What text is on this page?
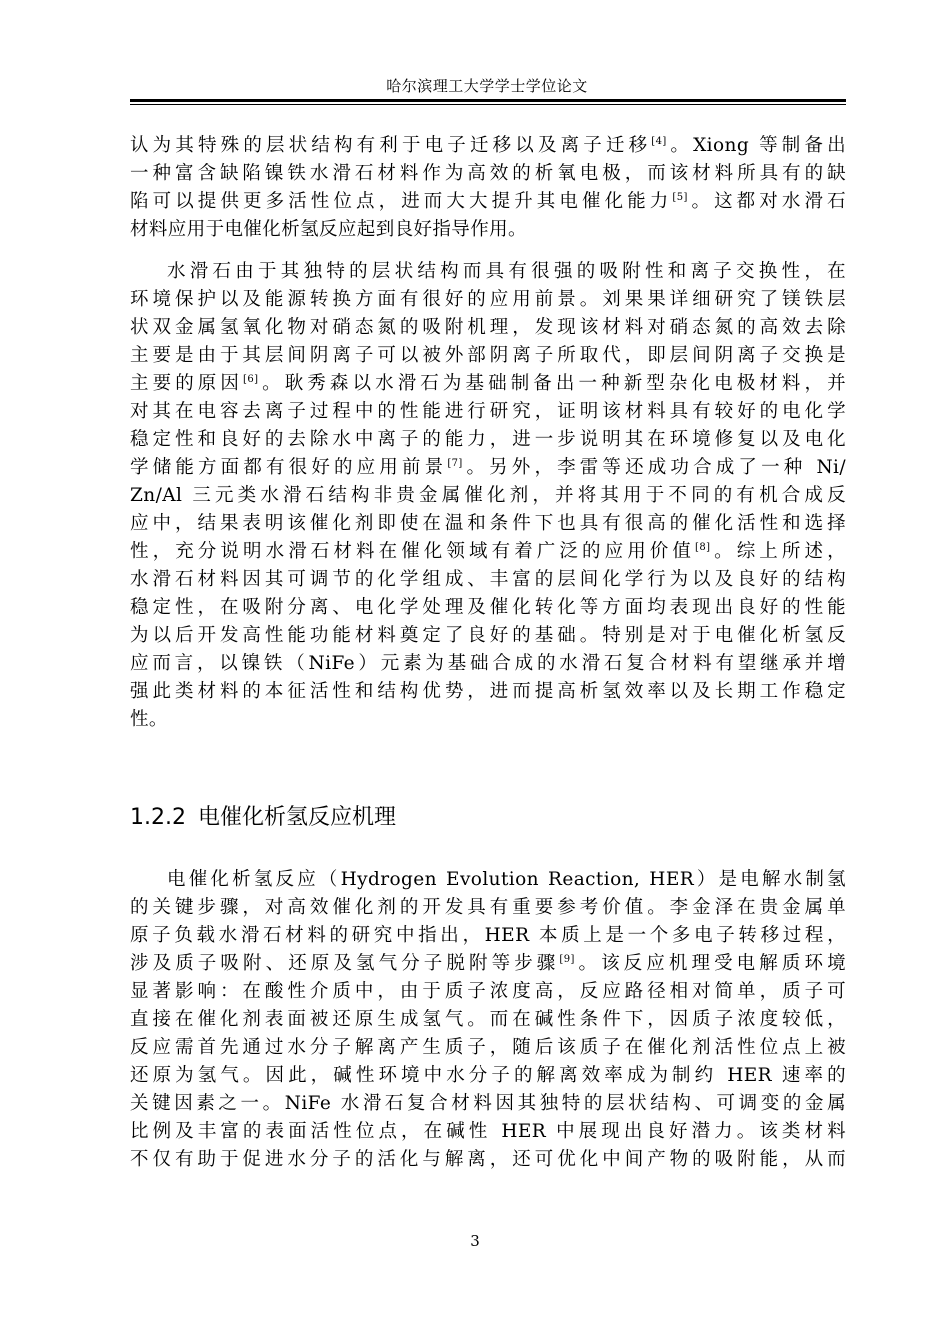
哈尔滨理工大学学士学位论文
认为其特殊的层状结构有利于电子迁移以及离子迁移[4]。Xiong 等制备出
一种富含缺陷镍铁水滑石材料作为高效的析氧电极，而该材料所具有的缺
陷可以提供更多活性位点，进而大大提升其电催化能力[5]。这都对水滑石
材料应用于电催化析氢反应起到良好指导作用。
水滑石由于其独特的层状结构而具有很强的吸附性和离子交换性，在
环境保护以及能源转换方面有很好的应用前景。刘果果详细研究了镁铁层
状双金属氢氧化物对硝态氮的吸附机理，发现该材料对硝态氮的高效去除
主要是由于其层间阴离子可以被外部阴离子所取代，即层间阴离子交换是
主要的原因[6]。耿秀森以水滑石为基础制备出一种新型杂化电极材料，并
对其在电容去离子过程中的性能进行研究，证明该材料具有较好的电化学
稳定性和良好的去除水中离子的能力，进一步说明其在环境修复以及电化
学储能方面都有很好的应用前景[7]。另外，李雷等还成功合成了一种 Ni/
Zn/Al 三元类水滑石结构非贵金属催化剂，并将其用于不同的有机合成反
应中，结果表明该催化剂即使在温和条件下也具有很高的催化活性和选择
性，充分说明水滑石材料在催化领域有着广泛的应用价值[8]。综上所述，
水滑石材料因其可调节的化学组成、丰富的层间化学行为以及良好的结构
稳定性，在吸附分离、电化学处理及催化转化等方面均表现出良好的性能
为以后开发高性能功能材料奠定了良好的基础。特别是对于电催化析氢反
应而言，以镍铁（NiFe）元素为基础合成的水滑石复合材料有望继承并增
强此类材料的本征活性和结构优势，进而提高析氢效率以及长期工作稳定
性。
1.2.2 电催化析氢反应机理
电催化析氢反应（Hydrogen Evolution Reaction, HER）是电解水制氢
的关键步骤，对高效催化剂的开发具有重要参考价值。李金泽在贵金属单
原子负载水滑石材料的研究中指出，HER 本质上是一个多电子转移过程，
涉及质子吸附、还原及氢气分子脱附等步骤[9]。该反应机理受电解质环境
显著影响：在酸性介质中，由于质子浓度高，反应路径相对简单，质子可
直接在催化剂表面被还原生成氢气。而在碱性条件下，因质子浓度较低，
反应需首先通过水分子解离产生质子，随后该质子在催化剂活性位点上被
还原为氢气。因此，碱性环境中水分子的解离效率成为制约 HER 速率的
关键因素之一。NiFe 水滑石复合材料因其独特的层状结构、可调变的金属
比例及丰富的表面活性位点，在碱性 HER 中展现出良好潜力。该类材料
不仅有助于促进水分子的活化与解离，还可优化中间产物的吸附能，从而
3
